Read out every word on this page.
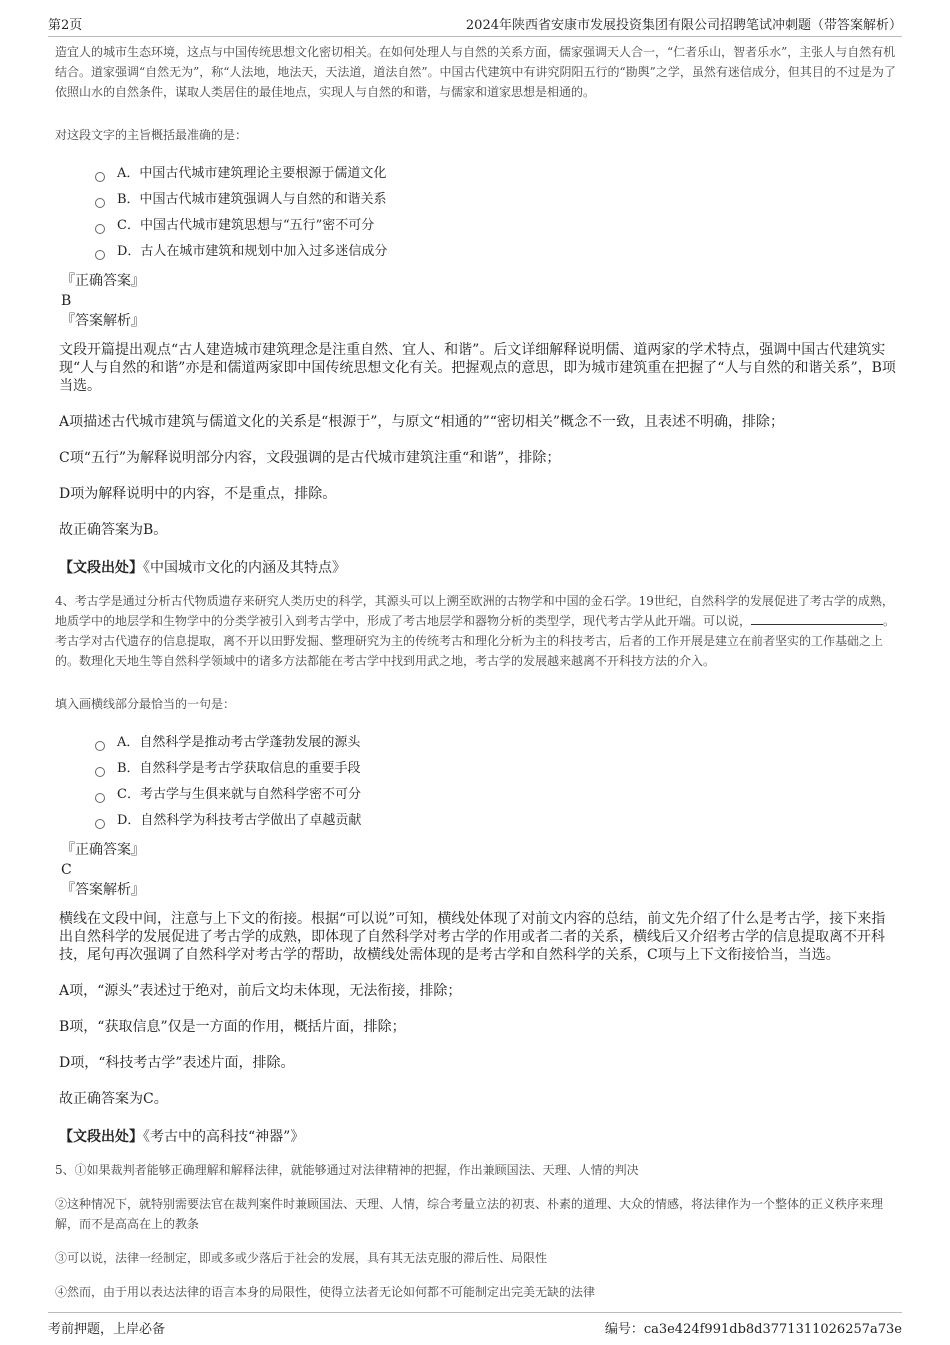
第2页	2024年陕西省安康市发展投资集团有限公司招聘笔试冲刺题（带答案解析）

造宜人的城市生态环境，这点与中国传统思想文化密切相关。在如何处理人与自然的关系方面，儒家强调天人合一，“仁者乐山，智者乐水”，主张人与自然有机结合。道家强调“自然无为”，称“人法地，地法天，天法道，道法自然”。中国古代建筑中有讲究阴阳五行的“勘舆”之学，虽然有迷信成分，但其目的不过是为了依照山水的自然条件，谋取人类居住的最佳地点，实现人与自然的和谐，与儒家和道家思想是相通的。

对这段文字的主旨概括最准确的是：

A．中国古代城市建筑理论主要根源于儒道文化
B．中国古代城市建筑强调人与自然的和谐关系
C．中国古代城市建筑思想与“五行”密不可分
D．古人在城市建筑和规划中加入过多迷信成分
『正确答案』
B
『答案解析』

文段开篇提出观点“古人建造城市建筑理念是注重自然、宜人、和谐”。后文详细解释说明儒、道两家的学术特点，强调中国古代建筑实现“人与自然的和谐”亦是和儒道两家即中国传统思想文化有关。把握观点的意思，即为城市建筑重在把握了“人与自然的和谐关系”，B项当选。

A项描述古代城市建筑与儒道文化的关系是“根源于”，与原文“相通的”“密切相关”概念不一致，且表述不明确，排除；

C项“五行”为解释说明部分内容，文段强调的是古代城市建筑注重“和谐”，排除；

D项为解释说明中的内容，不是重点，排除。

故正确答案为B。

【文段出处】《中国城市文化的内涵及其特点》

4、考古学是通过分析古代物质遗存来研究人类历史的科学，其源头可以上溯至欧洲的古物学和中国的金石学。19世纪，自然科学的发展促进了考古学的成熟，地质学中的地层学和生物学中的分类学被引入到考古学中，形成了考古地层学和器物分析的类型学，现代考古学从此开端。可以说，	。考古学对古代遗存的信息提取，离不开以田野发掘、整理研究为主的传统考古和理化分析为主的科技考古，后者的工作开展是建立在前者坚实的工作基础之上的。数理化天地生等自然科学领域中的诸多方法都能在考古学中找到用武之地，考古学的发展越来越离不开科技方法的介入。

填入画横线部分最恰当的一句是：

A．自然科学是推动考古学蓬勃发展的源头
B．自然科学是考古学获取信息的重要手段
C．考古学与生俱来就与自然科学密不可分
D．自然科学为科技考古学做出了卓越贡献
『正确答案』
C
『答案解析』

横线在文段中间，注意与上下文的衔接。根据“可以说”可知，横线处体现了对前文内容的总结，前文先介绍了什么是考古学，接下来指出自然科学的发展促进了考古学的成熟，即体现了自然科学对考古学的作用或者二者的关系，横线后又介绍考古学的信息提取离不开科技，尾句再次强调了自然科学对考古学的帮助，故横线处需体现的是考古学和自然科学的关系，C项与上下文衔接恰当，当选。

A项，“源头”表述过于绝对，前后文均未体现，无法衔接，排除；

B项，“获取信息”仅是一方面的作用，概括片面，排除；

D项，“科技考古学”表述片面，排除。

故正确答案为C。

【文段出处】《考古中的高科技“神器”》

5、①如果裁判者能够正确理解和解释法律，就能够通过对法律精神的把握，作出兼顾国法、天理、人情的判决

②这种情况下，就特别需要法官在裁判案件时兼顾国法、天理、人情，综合考量立法的初衷、朴素的道理、大众的情感，将法律作为一个整体的正义秩序来理解，而不是高高在上的教条

③可以说，法律一经制定，即或多或少落后于社会的发展，具有其无法克服的滞后性、局限性

④然而，由于用以表达法律的语言本身的局限性，使得立法者无论如何都不可能制定出完美无缺的法律

考前押题，上岸必备	编号：ca3e424f991db8d3771311026257a73e
